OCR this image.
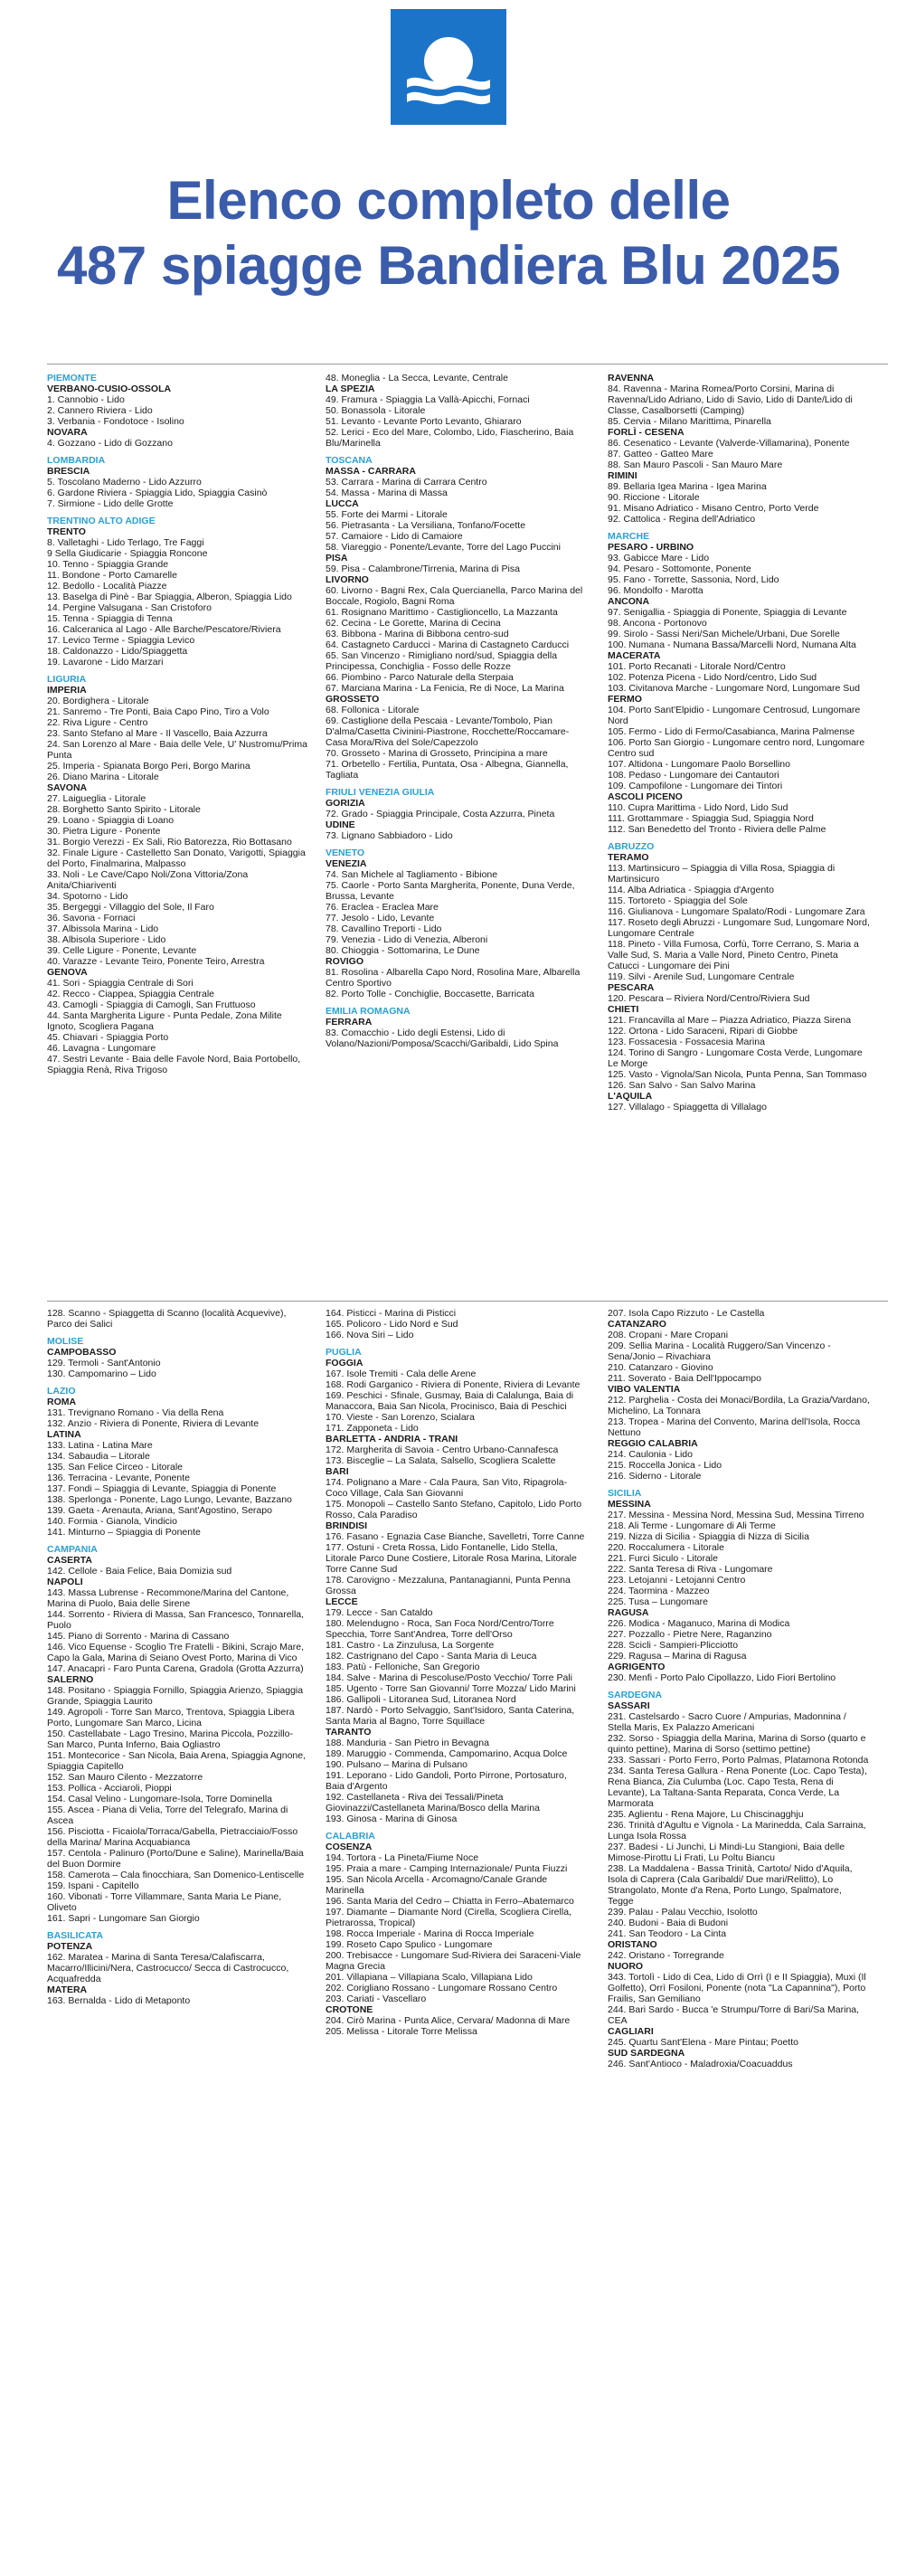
Elenco completo delle
487 spiagge Bandiera Blu 2025
PIEMONTE
VERBANO-CUSIO-OSSOLA
1. Cannobio - Lido
2. Cannero Riviera - Lido
3. Verbania - Fondotoce - Isolino
NOVARA
4. Gozzano - Lido di Gozzano
LOMBARDIA
BRESCIA
5. Toscolano Maderno - Lido Azzurro
6. Gardone Riviera - Spiaggia Lido, Spiaggia Casinò
7. Sirmione - Lido delle Grotte
TRENTINO ALTO ADIGE
TRENTO
8. Valletaghi - Lido Terlago, Tre Faggi
9 Sella Giudicarie - Spiaggia Roncone
10. Tenno - Spiaggia Grande
11. Bondone - Porto Camarelle
12. Bedollo - Località Piazze
13. Baselga di Pinè - Bar Spiaggia, Alberon, Spiaggia Lido
14. Pergine Valsugana - San Cristoforo
15. Tenna - Spiaggia di Tenna
16. Calceranica al Lago - Alle Barche/Pescatore/Riviera
17. Levico Terme - Spiaggia Levico
18. Caldonazzo - Lido/Spiaggetta
19. Lavarone - Lido Marzari
LIGURIA
IMPERIA
20. Bordighera - Litorale
21. Sanremo - Tre Ponti, Baia Capo Pino, Tiro a Volo
22. Riva Ligure - Centro
23. Santo Stefano al Mare - Il Vascello, Baia Azzurra
24. San Lorenzo al Mare - Baia delle Vele, U' Nustromu/Prima Punta
25. Imperia - Spianata Borgo Peri, Borgo Marina
26. Diano Marina - Litorale
SAVONA
27. Laigueglia - Litorale
28. Borghetto Santo Spirito - Litorale
29. Loano - Spiaggia di Loano
30. Pietra Ligure - Ponente
31. Borgio Verezzi - Ex Sali, Rio Batorezza, Rio Bottasano
32. Finale Ligure - Castelletto San Donato, Varigotti, Spiaggia del Porto, Finalmarina, Malpasso
33. Noli - Le Cave/Capo Noli/Zona Vittoria/Zona Anita/Chiariventi
34. Spotorno - Lido
35. Bergeggi - Villaggio del Sole, Il Faro
36. Savona - Fornaci
37. Albissola Marina - Lido
38. Albisola Superiore - Lido
39. Celle Ligure - Ponente, Levante
40. Varazze - Levante Teiro, Ponente Teiro, Arrestra
GENOVA
41. Sori - Spiaggia Centrale di Sori
42. Recco - Ciappea, Spiaggia Centrale
43. Camogli - Spiaggia di Camogli, San Fruttuoso
44. Santa Margherita Ligure - Punta Pedale, Zona Milite Ignoto, Scogliera Pagana
45. Chiavari - Spiaggia Porto
46. Lavagna - Lungomare
47. Sestri Levante - Baia delle Favole Nord, Baia Portobello, Spiaggia Renà, Riva Trigoso
48. Moneglia - La Secca, Levante, Centrale
LA SPEZIA
49. Framura - Spiaggia La Vallà-Apicchi, Fornaci
50. Bonassola - Litorale
51. Levanto - Levante Porto Levanto, Ghiararo
52. Lerici - Eco del Mare, Colombo, Lido, Fiascherino, Baia Blu/Marinella
TOSCANA
MASSA - CARRARA
53. Carrara - Marina di Carrara Centro
54. Massa - Marina di Massa
LUCCA
55. Forte dei Marmi - Litorale
56. Pietrasanta - La Versiliana, Tonfano/Focette
57. Camaiore - Lido di Camaiore
58. Viareggio - Ponente/Levante, Torre del Lago Puccini
PISA
59. Pisa - Calambrone/Tirrenia, Marina di Pisa
LIVORNO
60. Livorno - Bagni Rex, Cala Quercianella, Parco Marina del Boccale, Rogiolo, Bagni Roma
61. Rosignano Marittimo - Castiglioncello, La Mazzanta
62. Cecina - Le Gorette, Marina di Cecina
63. Bibbona - Marina di Bibbona centro-sud
64. Castagneto Carducci - Marina di Castagneto Carducci
65. San Vincenzo - Rimigliano nord/sud, Spiaggia della Principessa, Conchiglia - Fosso delle Rozze
66. Piombino - Parco Naturale della Sterpaia
67. Marciana Marina - La Fenicia, Re di Noce, La Marina
GROSSETO
68. Follonica - Litorale
69. Castiglione della Pescaia - Levante/Tombolo, Pian D'alma/Casetta Civinini-Piastrone, Rocchette/Roccamare-Casa Mora/Riva del Sole/Capezzolo
70. Grosseto - Marina di Grosseto, Principina a mare
71. Orbetello - Fertilia, Puntata, Osa - Albegna, Giannella, Tagliata
FRIULI VENEZIA GIULIA
GORIZIA
72. Grado - Spiaggia Principale, Costa Azzurra, Pineta
UDINE
73. Lignano Sabbiadoro - Lido
VENETO
VENEZIA
74. San Michele al Tagliamento - Bibione
75. Caorle - Porto Santa Margherita, Ponente, Duna Verde, Brussa, Levante
76. Eraclea - Eraclea Mare
77. Jesolo - Lido, Levante
78. Cavallino Treporti - Lido
79. Venezia - Lido di Venezia, Alberoni
80. Chioggia - Sottomarina, Le Dune
ROVIGO
81. Rosolina - Albarella Capo Nord, Rosolina Mare, Albarella Centro Sportivo
82. Porto Tolle - Conchiglie, Boccasette, Barricata
EMILIA ROMAGNA
FERRARA
83. Comacchio - Lido degli Estensi, Lido di Volano/Nazioni/Pomposa/Scacchi/Garibaldi, Lido Spina
RAVENNA
84. Ravenna - Marina Romea/Porto Corsini, Marina di Ravenna/Lido Adriano, Lido di Savio, Lido di Dante/Lido di Classe, Casalborsetti (Camping)
85. Cervia - Milano Marittima, Pinarella
FORLÌ - CESENA
86. Cesenatico - Levante (Valverde-Villamarina), Ponente
87. Gatteo - Gatteo Mare
88. San Mauro Pascoli - San Mauro Mare
RIMINI
89. Bellaria Igea Marina - Igea Marina
90. Riccione - Litorale
91. Misano Adriatico - Misano Centro, Porto Verde
92. Cattolica - Regina dell'Adriatico
MARCHE
PESARO - URBINO
93. Gabicce Mare - Lido
94. Pesaro - Sottomonte, Ponente
95. Fano - Torrette, Sassonia, Nord, Lido
96. Mondolfo - Marotta
ANCONA
97. Senigallia - Spiaggia di Ponente, Spiaggia di Levante
98. Ancona - Portonovo
99. Sirolo - Sassi Neri/San Michele/Urbani, Due Sorelle
100. Numana - Numana Bassa/Marcelli Nord, Numana Alta
MACERATA
101. Porto Recanati - Litorale Nord/Centro
102. Potenza Picena - Lido Nord/centro, Lido Sud
103. Civitanova Marche - Lungomare Nord, Lungomare Sud
FERMO
104. Porto Sant'Elpidio - Lungomare Centrosud, Lungomare Nord
105. Fermo - Lido di Fermo/Casabianca, Marina Palmense
106. Porto San Giorgio - Lungomare centro nord, Lungomare Centro sud
107. Altidona - Lungomare Paolo Borsellino
108. Pedaso - Lungomare dei Cantautori
109. Campofilone - Lungomare dei Tintori
ASCOLI PICENO
110. Cupra Marittima - Lido Nord, Lido Sud
111. Grottammare - Spiaggia Sud, Spiaggia Nord
112. San Benedetto del Tronto - Riviera delle Palme
ABRUZZO
TERAMO
113. Martinsicuro – Spiaggia di Villa Rosa, Spiaggia di Martinsicuro
114. Alba Adriatica - Spiaggia d'Argento
115. Tortoreto - Spiaggia del Sole
116. Giulianova - Lungomare Spalato/Rodi - Lungomare Zara
117. Roseto degli Abruzzi - Lungomare Sud, Lungomare Nord, Lungomare Centrale
118. Pineto - Villa Fumosa, Corfù, Torre Cerrano, S. Maria a Valle Sud, S. Maria a Valle Nord, Pineto Centro, Pineta Catucci - Lungomare dei Pini
119. Silvi - Arenile Sud, Lungomare Centrale
PESCARA
120. Pescara – Riviera Nord/Centro/Riviera Sud
CHIETI
121. Francavilla al Mare – Piazza Adriatico, Piazza Sirena
122. Ortona - Lido Saraceni, Ripari di Giobbe
123. Fossacesia - Fossacesia Marina
124. Torino di Sangro - Lungomare Costa Verde, Lungomare Le Morge
125. Vasto - Vignola/San Nicola, Punta Penna, San Tommaso
126. San Salvo - San Salvo Marina
L'AQUILA
127. Villalago - Spiaggetta di Villalago
128. Scanno - Spiaggetta di Scanno (località Acquevive), Parco dei Salici
MOLISE
CAMPOBASSO
129. Termoli - Sant'Antonio
130. Campomarino – Lido
LAZIO
ROMA
131. Trevignano Romano - Via della Rena
132. Anzio - Riviera di Ponente, Riviera di Levante
LATINA
133. Latina - Latina Mare
134. Sabaudia – Litorale
135. San Felice Circeo - Litorale
136. Terracina - Levante, Ponente
137. Fondi – Spiaggia di Levante, Spiaggia di Ponente
138. Sperlonga - Ponente, Lago Lungo, Levante, Bazzano
139. Gaeta - Arenauta, Ariana, Sant'Agostino, Serapo
140. Formia - Gianola, Vindicio
141. Minturno – Spiaggia di Ponente
CAMPANIA
CASERTA
142. Cellole - Baia Felice, Baia Domizia sud
NAPOLI
143. Massa Lubrense - Recommone/Marina del Cantone, Marina di Puolo, Baia delle Sirene
144. Sorrento - Riviera di Massa, San Francesco, Tonnarella, Puolo
145. Piano di Sorrento - Marina di Cassano
146. Vico Equense - Scoglio Tre Fratelli - Bikini, Scrajo Mare, Capo la Gala, Marina di Seiano Ovest Porto, Marina di Vico
147. Anacapri - Faro Punta Carena, Gradola (Grotta Azzurra)
SALERNO
148. Positano - Spiaggia Fornillo, Spiaggia Arienzo, Spiaggia Grande, Spiaggia Laurito
149. Agropoli - Torre San Marco, Trentova, Spiaggia Libera Porto, Lungomare San Marco, Licina
150. Castellabate - Lago Tresino, Marina Piccola, Pozzillo-San Marco, Punta Inferno, Baia Ogliastro
151. Montecorice - San Nicola, Baia Arena, Spiaggia Agnone, Spiaggia Capitello
152. San Mauro Cilento - Mezzatorre
153. Pollica - Acciaroli, Pioppi
154. Casal Velino - Lungomare-Isola, Torre Dominella
155. Ascea - Piana di Velia, Torre del Telegrafo, Marina di Ascea
156. Pisciotta - Ficaiola/Torraca/Gabella, Pietracciaio/Fosso della Marina/ Marina Acquabianca
157. Centola - Palinuro (Porto/Dune e Saline), Marinella/Baia del Buon Dormire
158. Camerota – Cala finocchiara, San Domenico-Lentiscelle
159. Ispani - Capitello
160. Vibonati - Torre Villammare, Santa Maria Le Piane, Oliveto
161. Sapri - Lungomare San Giorgio
BASILICATA
POTENZA
162. Maratea - Marina di Santa Teresa/Calafiscarra, Macarro/Illicini/Nera, Castrocucco/ Secca di Castrocucco, Acquafredda
MATERA
163. Bernalda - Lido di Metaponto
164. Pisticci - Marina di Pisticci
165. Policoro - Lido Nord e Sud
166. Nova Siri – Lido
PUGLIA
FOGGIA
167. Isole Tremiti - Cala delle Arene
168. Rodi Garganico - Riviera di Ponente, Riviera di Levante
169. Peschici - Sfinale, Gusmay, Baia di Calalunga, Baia di Manaccora, Baia San Nicola, Procinisco, Baia di Peschici
170. Vieste - San Lorenzo, Scialara
171. Zapponeta - Lido
BARLETTA - ANDRIA - TRANI
172. Margherita di Savoia - Centro Urbano-Cannafesca
173. Bisceglie – La Salata, Salsello, Scogliera Scalette
BARI
174. Polignano a Mare - Cala Paura, San Vito, Ripagrola-Coco Village, Cala San Giovanni
175. Monopoli – Castello Santo Stefano, Capitolo, Lido Porto Rosso, Cala Paradiso
BRINDISI
176. Fasano - Egnazia Case Bianche, Savelletri, Torre Canne
177. Ostuni - Creta Rossa, Lido Fontanelle, Lido Stella, Litorale Parco Dune Costiere, Litorale Rosa Marina, Litorale Torre Canne Sud
178. Carovigno - Mezzaluna, Pantanagianni, Punta Penna Grossa
LECCE
179. Lecce - San Cataldo
180. Melendugno - Roca, San Foca Nord/Centro/Torre Specchia, Torre Sant'Andrea, Torre dell'Orso
181. Castro - La Zinzulusa, La Sorgente
182. Castrignano del Capo - Santa Maria di Leuca
183. Patù - Felloniche, San Gregorio
184. Salve - Marina di Pescoluse/Posto Vecchio/ Torre Pali
185. Ugento - Torre San Giovanni/ Torre Mozza/ Lido Marini
186. Gallipoli - Litoranea Sud, Litoranea Nord
187. Nardò - Porto Selvaggio, Sant'Isidoro, Santa Caterina, Santa Maria al Bagno, Torre Squillace
TARANTO
188. Manduria - San Pietro in Bevagna
189. Maruggio - Commenda, Campomarino, Acqua Dolce
190. Pulsano – Marina di Pulsano
191. Leporano - Lido Gandoli, Porto Pirrone, Portosaturo, Baia d'Argento
192. Castellaneta - Riva dei Tessali/Pineta Giovinazzi/Castellaneta Marina/Bosco della Marina
193. Ginosa - Marina di Ginosa
CALABRIA
COSENZA
194. Tortora - La Pineta/Fiume Noce
195. Praia a mare - Camping Internazionale/ Punta Fiuzzi
195. San Nicola Arcella - Arcomagno/Canale Grande Marinella
196. Santa Maria del Cedro – Chiatta in Ferro–Abatemarco
197. Diamante – Diamante Nord (Cirella, Scogliera Cirella, Pietrarossa, Tropical)
198. Rocca Imperiale - Marina di Rocca Imperiale
199. Roseto Capo Spulico - Lungomare
200. Trebisacce - Lungomare Sud-Riviera dei Saraceni-Viale Magna Grecia
201. Villapiana – Villapiana Scalo, Villapiana Lido
202. Corigliano Rossano - Lungomare Rossano Centro
203. Cariati - Vascellaro
CROTONE
204. Cirò Marina - Punta Alice, Cervara/ Madonna di Mare
205. Melissa - Litorale Torre Melissa
207. Isola Capo Rizzuto - Le Castella
CATANZARO
208. Cropani - Mare Cropani
209. Sellia Marina - Località Ruggero/San Vincenzo - Sena/Jonio – Rivachiara
210. Catanzaro - Giovino
211. Soverato - Baia Dell'Ippocampo
VIBO VALENTIA
212. Parghelia - Costa dei Monaci/Bordila, La Grazia/Vardano, Michelino, La Tonnara
213. Tropea - Marina del Convento, Marina dell'Isola, Rocca Nettuno
REGGIO CALABRIA
214. Caulonia - Lido
215. Roccella Jonica - Lido
216. Siderno - Litorale
SICILIA
MESSINA
217. Messina - Messina Nord, Messina Sud, Messina Tirreno
218. Ali Terme - Lungomare di Ali Terme
219. Nizza di Sicilia - Spiaggia di Nizza di Sicilia
220. Roccalumera - Litorale
221. Furci Siculo - Litorale
222. Santa Teresa di Riva - Lungomare
223. Letojanni - Letojanni Centro
224. Taormina - Mazzeo
225. Tusa – Lungomare
RAGUSA
226. Modica - Maganuco, Marina di Modica
227. Pozzallo - Pietre Nere, Raganzino
228. Scicli - Sampieri-Plicciotto
229. Ragusa – Marina di Ragusa
AGRIGENTO
230. Menfi - Porto Palo Cipollazzo, Lido Fiori Bertolino
SARDEGNA
SASSARI
231. Castelsardo - Sacro Cuore / Ampurias, Madonnina / Stella Maris, Ex Palazzo Americani
232. Sorso - Spiaggia della Marina, Marina di Sorso (quarto e quinto pettine), Marina di Sorso (settimo pettine)
233. Sassari - Porto Ferro, Porto Palmas, Platamona Rotonda
234. Santa Teresa Gallura - Rena Ponente (Loc. Capo Testa), Rena Bianca, Zia Culumba (Loc. Capo Testa, Rena di Levante), La Taltana-Santa Reparata, Conca Verde, La Marmorata
235. Aglientu - Rena Majore, Lu Chiscinagghju
236. Trinità d'Agultu e Vignola - La Marinedda, Cala Sarraina, Lunga Isola Rossa
237. Badesi - Li Junchi, Li Mindi-Lu Stangioni, Baia delle Mimose-Pirottu Li Frati, Lu Poltu Biancu
238. La Maddalena - Bassa Trinità, Cartoto/ Nido d'Aquila, Isola di Caprera (Cala Garibaldi/ Due mari/Relitto), Lo Strangolato, Monte d'a Rena, Porto Lungo, Spalmatore, Tegge
239. Palau - Palau Vecchio, Isolotto
240. Budoni - Baia di Budoni
241. San Teodoro - La Cinta
ORISTANO
242. Oristano - Torregrande
NUORO
343. Tortolì - Lido di Cea, Lido di Orrì (I e II Spiaggia), Muxi (Il Golfetto), Orrì Fosiloni, Ponente (nota "La Capannina"), Porto Frailis, San Gemiliano
244. Bari Sardo - Bucca 'e Strumpu/Torre di Bari/Sa Marina, CEA
CAGLIARI
245. Quartu Sant'Elena - Mare Pintau; Poetto
SUD SARDEGNA
246. Sant'Antioco - Maladroxia/Coacuaddus
